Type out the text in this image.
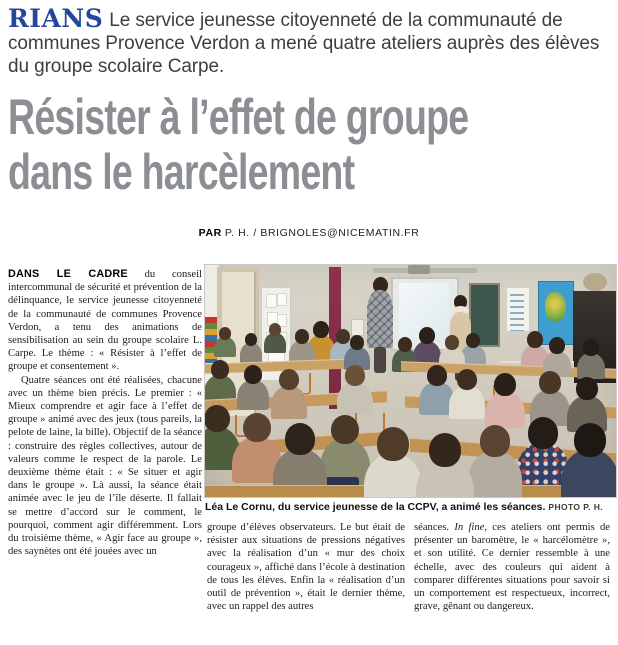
RIANS Le service jeunesse citoyenneté de la communauté de communes Provence Verdon a mené quatre ateliers auprès des élèves du groupe scolaire Carpe.
Résister à l’effet de groupe
dans le harcèlement
PAR P. H. / BRIGNOLES@NICEMATIN.FR

DANS LE CADRE du conseil intercommunal de sécurité et prévention de la délinquance, le service jeunesse citoyenneté de la communauté de communes Provence Verdon, a tenu des animations de sensibilisation au sein du groupe scolaire L. Carpe. Le thème : « Résister à l’effet de groupe et consentement ».

Quatre séances ont été réalisées, chacune avec un thème bien précis. Le premier : « Mieux comprendre et agir face à l’effet de groupe » animé avec des jeux (tous pareils, la pelote de laine, la bille). Objectif de la séance : construire des règles collectives, autour de valeurs comme le respect de la parole. Le deuxième thème était : « Se situer et agir dans le groupe ». Là aussi, la séance était animée avec le jeu de l’île déserte. Il fallait se mettre d’accord sur le comment, le pourquoi, comment agir différemment. Lors du troisième thème, « Agir face au groupe », des saynètes ont été jouées avec un

Léa Le Cornu, du service jeunesse de la CCPV, a animé les séances. PHOTO P. H.

groupe d’élèves observateurs. Le but était de résister aux situations de pressions négatives avec la réalisation d’un « mur des choix courageux », affiché dans l’école à destination de tous les élèves. Enfin la « réalisation d’un outil de prévention », était le dernier thème, avec un rappel des autres

séances. In fine, ces ateliers ont permis de présenter un baromètre, le « harcélomètre », et son utilité. Ce dernier ressemble à une échelle, avec des couleurs qui aident à comparer différentes situations pour savoir si un comportement est respectueux, incorrect, grave, gênant ou dangereux.
